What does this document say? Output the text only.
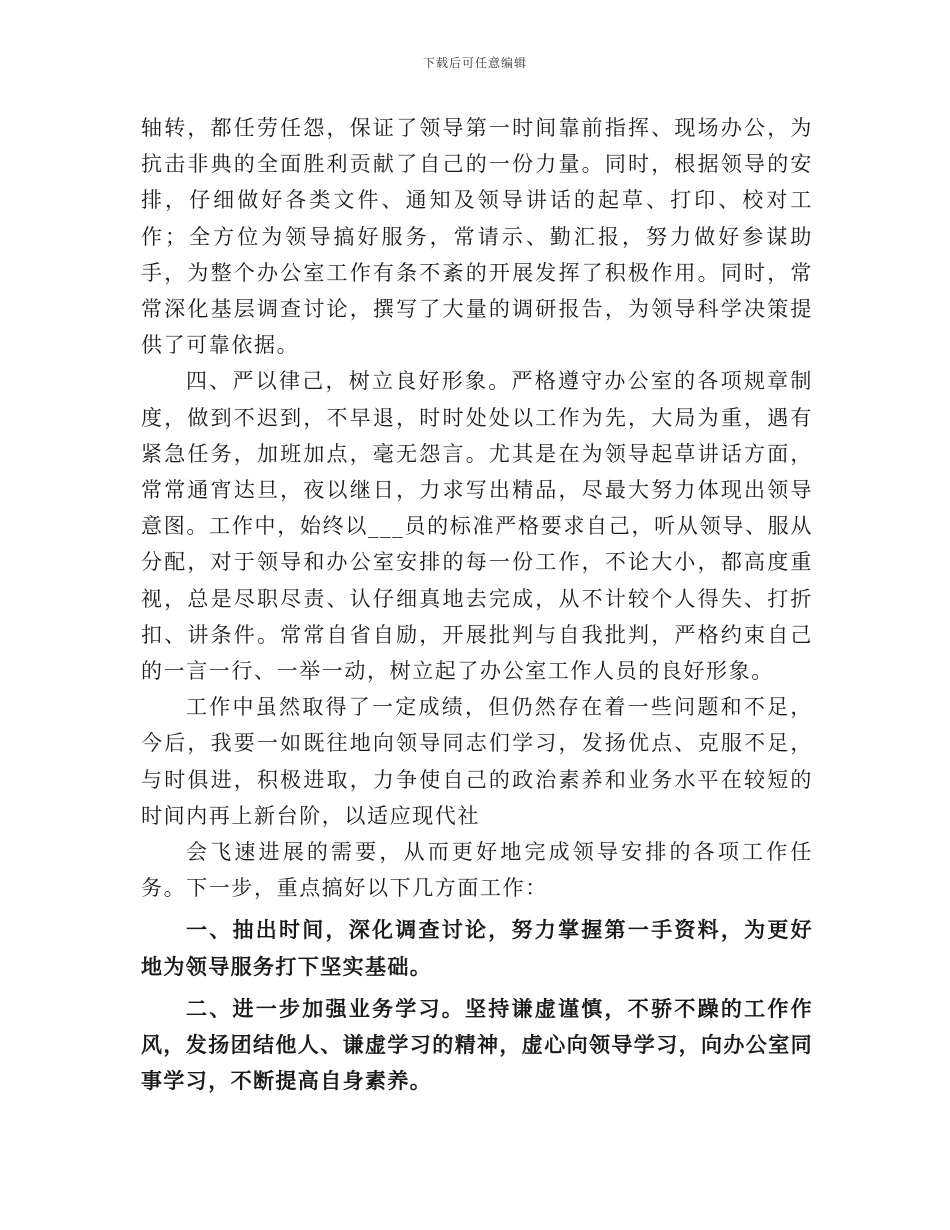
下载后可任意编辑

轴转，都任劳任怨，保证了领导第一时间靠前指挥、现场办公，为抗击非典的全面胜利贡献了自己的一份力量。同时，根据领导的安排，仔细做好各类文件、通知及领导讲话的起草、打印、校对工作；全方位为领导搞好服务，常请示、勤汇报，努力做好参谋助手，为整个办公室工作有条不紊的开展发挥了积极作用。同时，常常深化基层调查讨论，撰写了大量的调研报告，为领导科学决策提供了可靠依据。

四、严以律己，树立良好形象。严格遵守办公室的各项规章制度，做到不迟到，不早退，时时处处以工作为先，大局为重，遇有紧急任务，加班加点，毫无怨言。尤其是在为领导起草讲话方面，常常通宵达旦，夜以继日，力求写出精品，尽最大努力体现出领导意图。工作中，始终以___员的标准严格要求自己，听从领导、服从分配，对于领导和办公室安排的每一份工作，不论大小，都高度重视，总是尽职尽责、认仔细真地去完成，从不计较个人得失、打折扣、讲条件。常常自省自励，开展批判与自我批判，严格约束自己的一言一行、一举一动，树立起了办公室工作人员的良好形象。

工作中虽然取得了一定成绩，但仍然存在着一些问题和不足，今后，我要一如既往地向领导同志们学习，发扬优点、克服不足，与时俱进，积极进取，力争使自己的政治素养和业务水平在较短的时间内再上新台阶，以适应现代社

会飞速进展的需要，从而更好地完成领导安排的各项工作任务。下一步，重点搞好以下几方面工作：

一、抽出时间，深化调查讨论，努力掌握第一手资料，为更好地为领导服务打下坚实基础。

二、进一步加强业务学习。坚持谦虚谨慎，不骄不躁的工作作风，发扬团结他人、谦虚学习的精神，虚心向领导学习，向办公室同事学习，不断提高自身素养。
